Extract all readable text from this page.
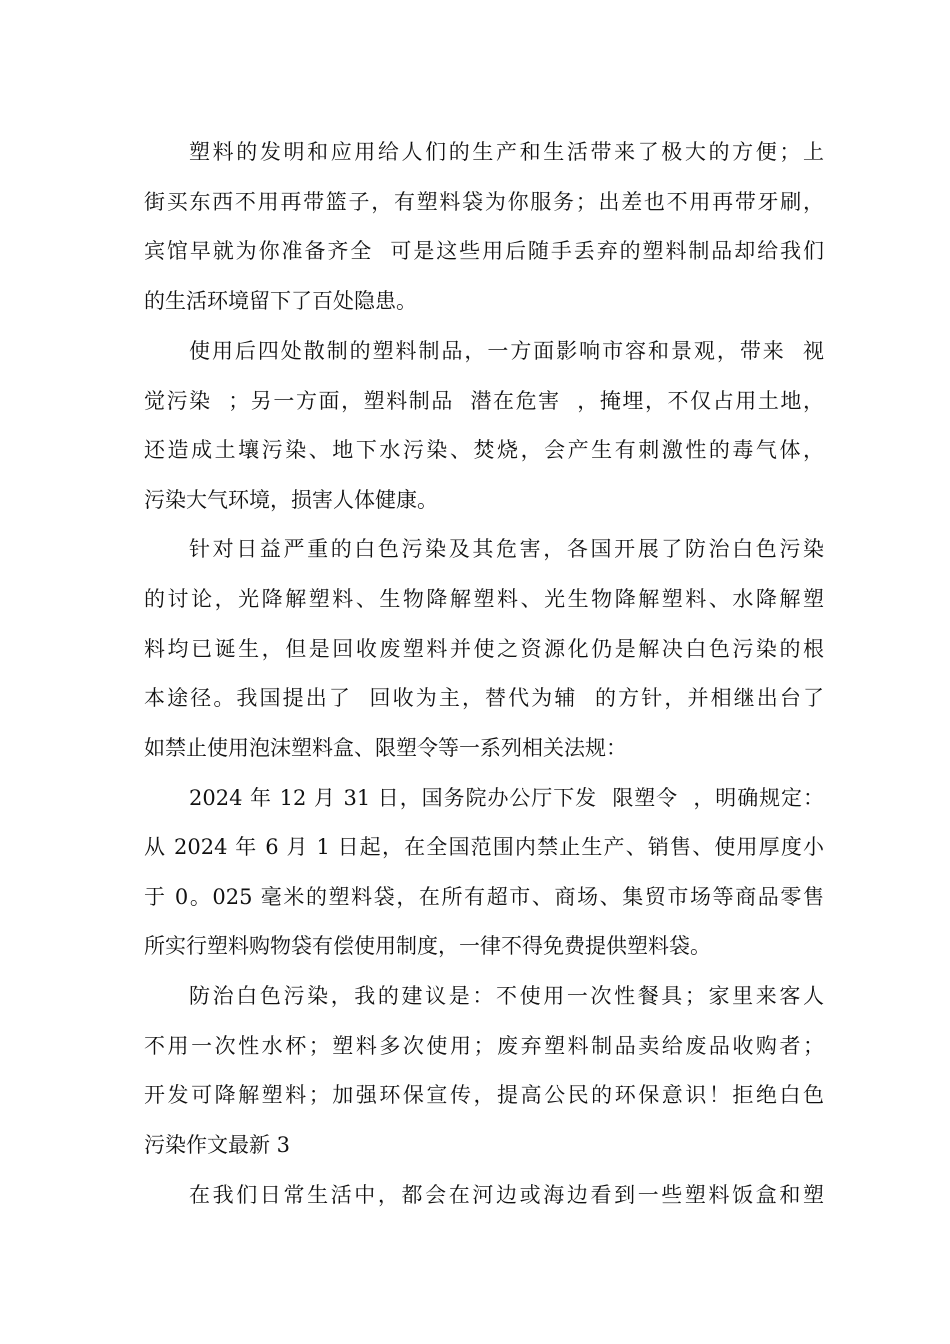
塑料的发明和应用给人们的生产和生活带来了极大的方便；上
街买东西不用再带篮子，有塑料袋为你服务；出差也不用再带牙刷，
宾馆早就为你准备齐全  可是这些用后随手丢弃的塑料制品却给我们
的生活环境留下了百处隐患。
使用后四处散制的塑料制品，一方面影响市容和景观，带来  视
觉污染  ；另一方面，塑料制品  潜在危害  ，掩埋，不仅占用土地，
还造成土壤污染、地下水污染、焚烧，会产生有刺激性的毒气体，
污染大气环境，损害人体健康。
针对日益严重的白色污染及其危害，各国开展了防治白色污染
的讨论，光降解塑料、生物降解塑料、光生物降解塑料、水降解塑
料均已诞生，但是回收废塑料并使之资源化仍是解决白色污染的根
本途径。我国提出了  回收为主，替代为辅  的方针，并相继出台了
如禁止使用泡沫塑料盒、限塑令等一系列相关法规：
2024 年 12 月 31 日，国务院办公厅下发  限塑令  ，明确规定：
从 2024 年 6 月 1 日起，在全国范围内禁止生产、销售、使用厚度小
于 0。025 毫米的塑料袋，在所有超市、商场、集贸市场等商品零售
所实行塑料购物袋有偿使用制度，一律不得免费提供塑料袋。
防治白色污染，我的建议是：不使用一次性餐具；家里来客人
不用一次性水杯；塑料多次使用；废弃塑料制品卖给废品收购者；
开发可降解塑料；加强环保宣传，提高公民的环保意识！拒绝白色
污染作文最新 3
在我们日常生活中，都会在河边或海边看到一些塑料饭盒和塑
